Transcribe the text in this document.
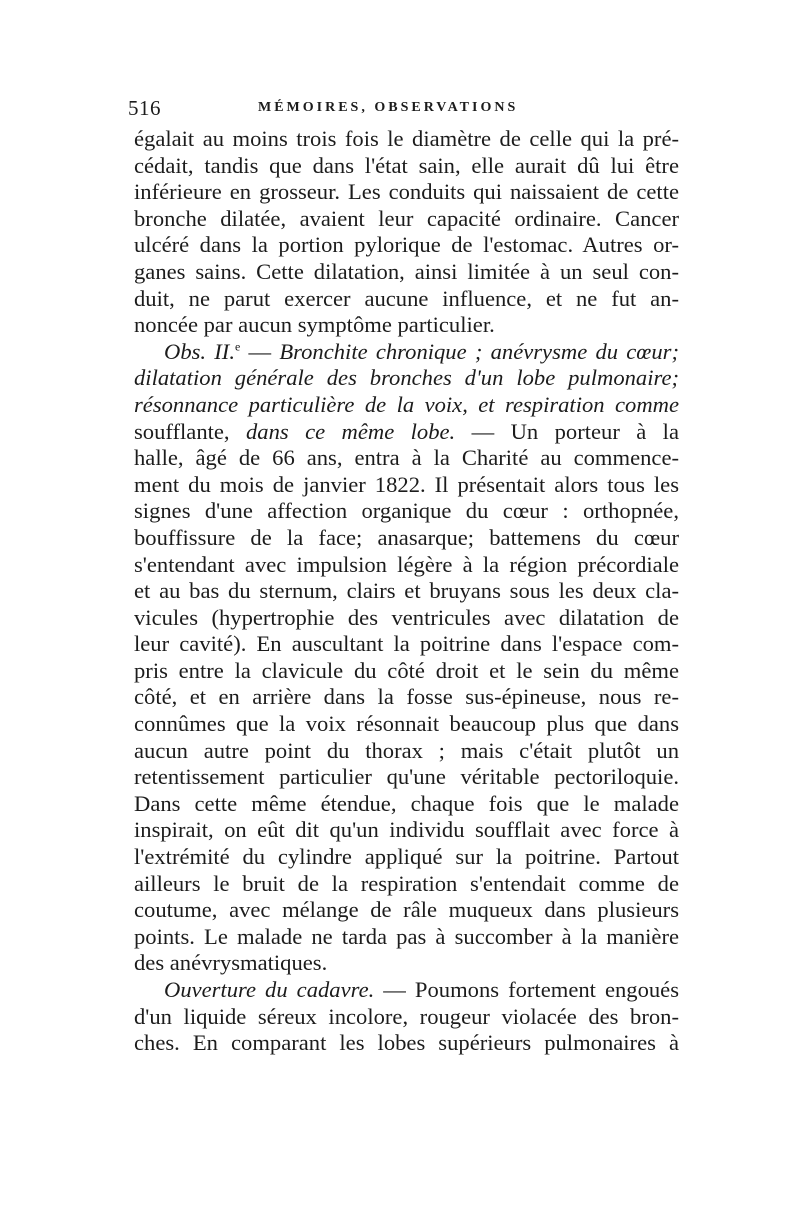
516	MÉMOIRES, OBSERVATIONS
égalait au moins trois fois le diamètre de celle qui la pré-
cédait, tandis que dans l'état sain, elle aurait dû lui être
inférieure en grosseur. Les conduits qui naissaient de cette
bronche dilatée, avaient leur capacité ordinaire. Cancer
ulcéré dans la portion pylorique de l'estomac. Autres or-
ganes sains. Cette dilatation, ainsi limitée à un seul con-
duit, ne parut exercer aucune influence, et ne fut an-
noncée par aucun symptôme particulier.
Obs. II.$^e$ — Bronchite chronique ; anévrysme du cœur;
dilatation générale des bronches d'un lobe pulmonaire;
résonnance particulière de la voix, et respiration comme
soufflante, dans ce même lobe. — Un porteur à la
halle, âgé de 66 ans, entra à la Charité au commence-
ment du mois de janvier 1822. Il présentait alors tous les
signes d'une affection organique du cœur : orthopnée,
bouffissure de la face; anasarque; battemens du cœur
s'entendant avec impulsion légère à la région précordiale
et au bas du sternum, clairs et bruyans sous les deux cla-
vicules (hypertrophie des ventricules avec dilatation de
leur cavité). En auscultant la poitrine dans l'espace com-
pris entre la clavicule du côté droit et le sein du même
côté, et en arrière dans la fosse sus-épineuse, nous re-
connûmes que la voix résonnait beaucoup plus que dans
aucun autre point du thorax ; mais c'était plutôt un
retentissement particulier qu'une véritable pectoriloquie.
Dans cette même étendue, chaque fois que le malade
inspirait, on eût dit qu'un individu soufflait avec force à
l'extrémité du cylindre appliqué sur la poitrine. Partout
ailleurs le bruit de la respiration s'entendait comme de
coutume, avec mélange de râle muqueux dans plusieurs
points. Le malade ne tarda pas à succomber à la manière
des anévrysmatiques.
Ouverture du cadavre. — Poumons fortement engoués
d'un liquide séreux incolore, rougeur violacée des bron-
ches. En comparant les lobes supérieurs pulmonaires à
